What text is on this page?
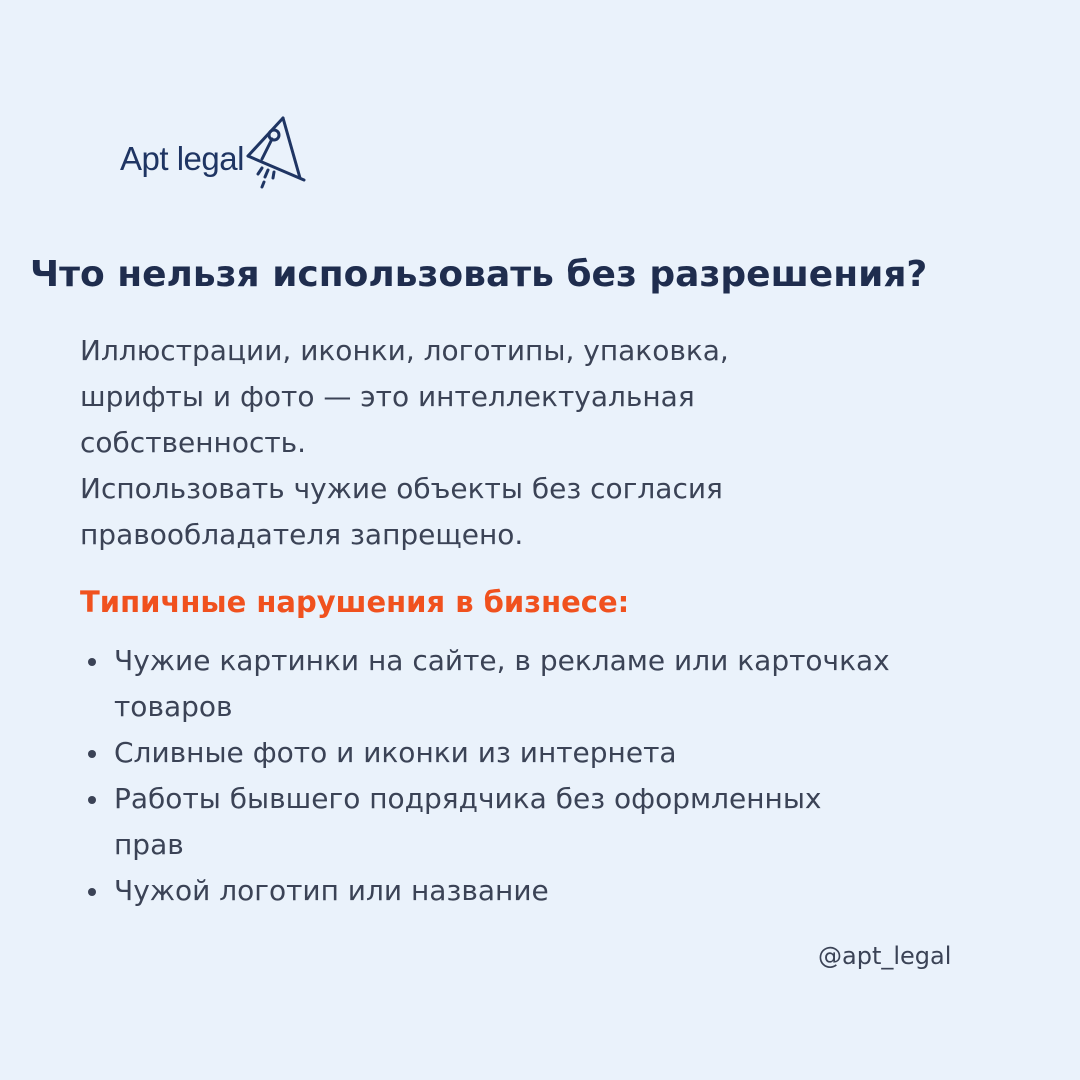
Apt legal
Что нельзя использовать без разрешения?

Иллюстрации, иконки, логотипы, упаковка,

шрифты и фото — это интеллектуальная

собственность.

Использовать чужие объекты без согласия

правообладателя запрещено.

Типичные нарушения в бизнесе:
Чужие картинки на сайте, в рекламе или карточках
товаров
Сливные фото и иконки из интернета
Работы бывшего подрядчика без оформленных
прав
Чужой логотип или название
@apt_legal
